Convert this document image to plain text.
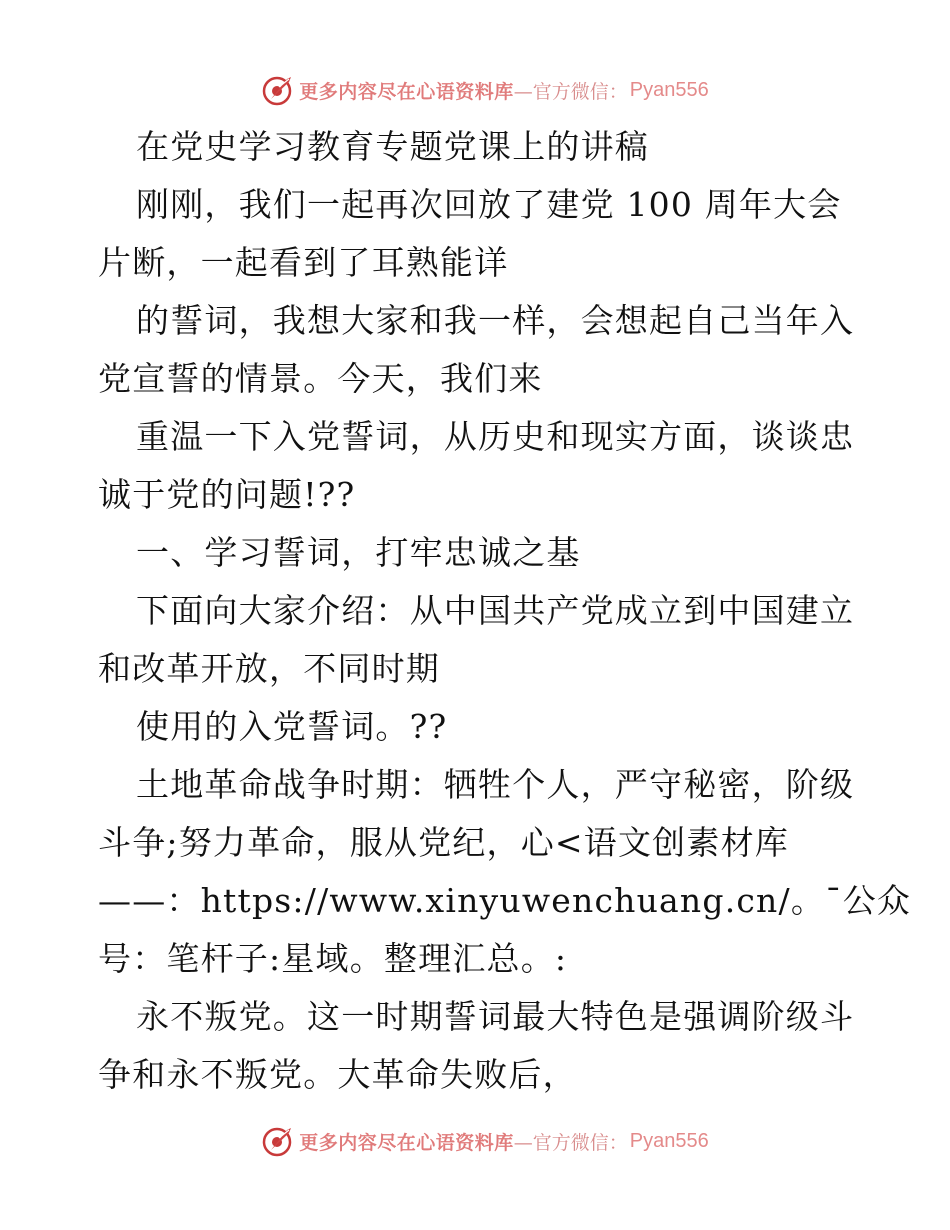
更多内容尽在心语资料库 —官方微信： Pyan556
在党史学习教育专题党课上的讲稿
刚刚，我们一起再次回放了建党 100 周年大会
片断，一起看到了耳熟能详
的誓词，我想大家和我一样，会想起自己当年入
党宣誓的情景。今天，我们来
重温一下入党誓词，从历史和现实方面，谈谈忠
诚于党的问题!??
一、学习誓词，打牢忠诚之基
下面向大家介绍：从中国共产党成立到中国建立
和改革开放，不同时期
使用的入党誓词。??
土地革命战争时期：牺牲个人，严守秘密，阶级
斗争;努力革命，服从党纪，心<语文创素材库
——：https://www.xinyuwenchuang.cn/。¯公众
号：笔杆子:星域。整理汇总。:
永不叛党。这一时期誓词最大特色是强调阶级斗
争和永不叛党。大革命失败后，
更多内容尽在心语资料库 —官方微信： Pyan556
